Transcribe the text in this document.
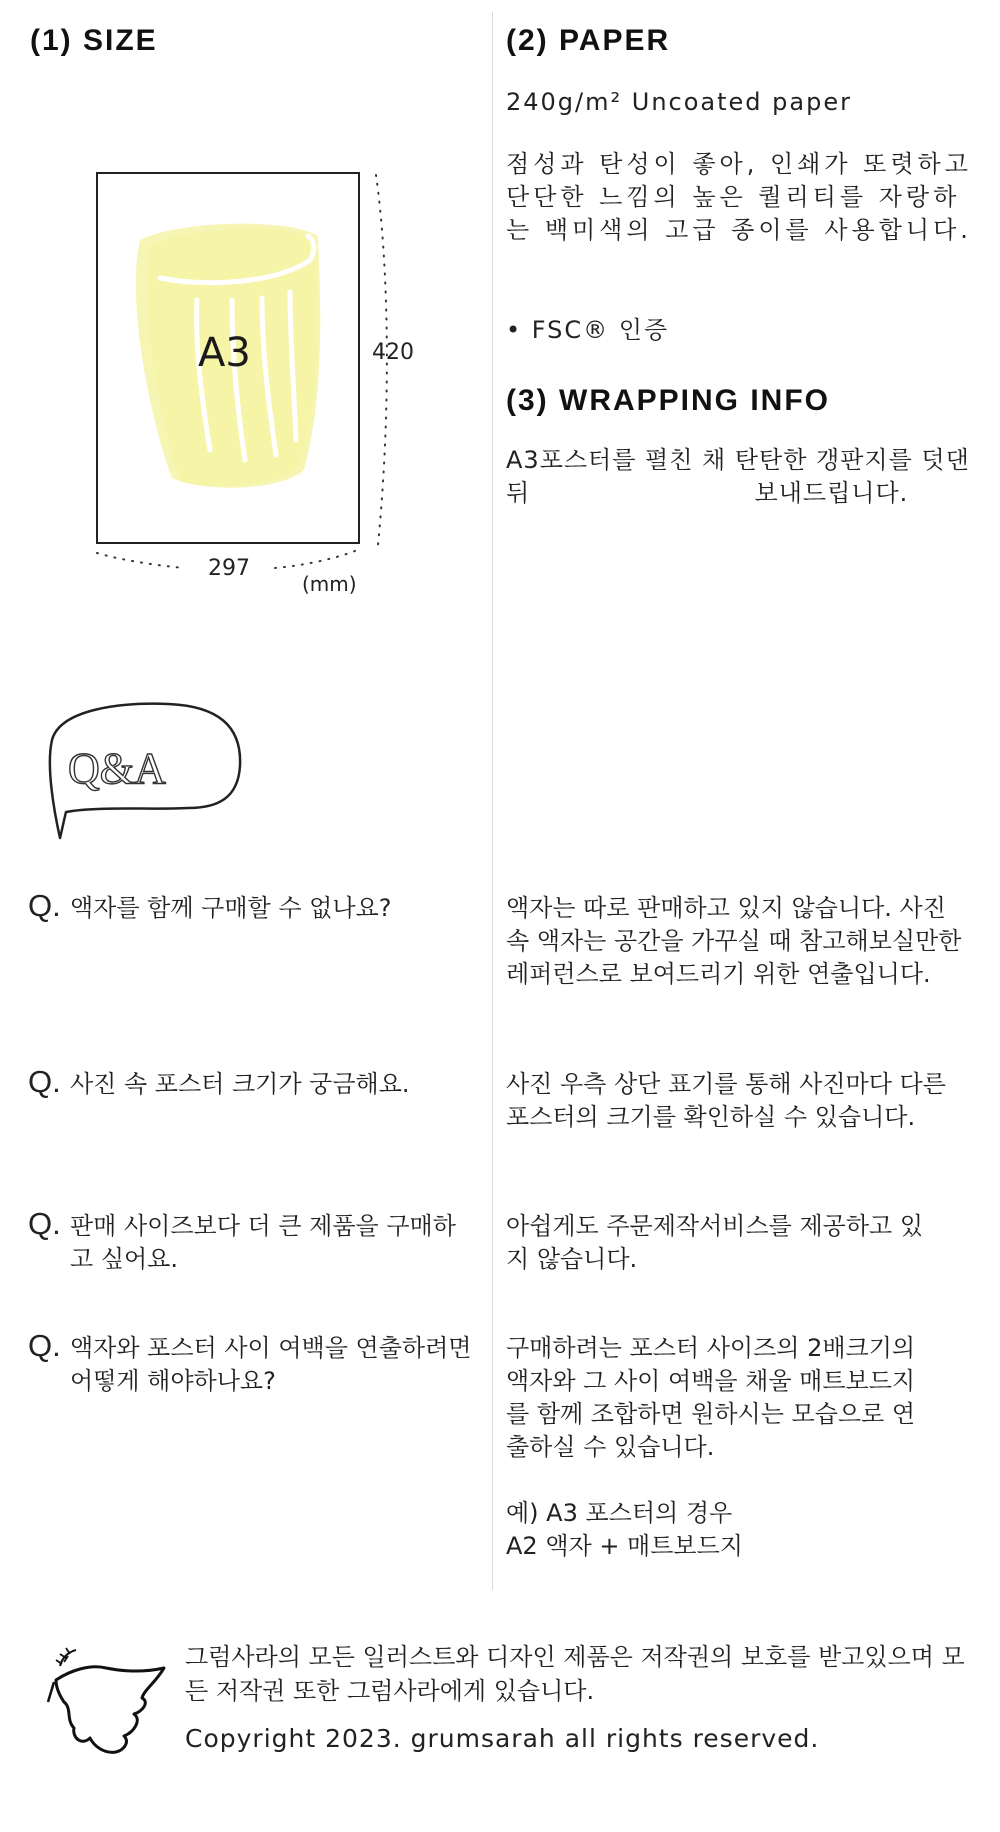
(1) SIZE
A3	420
297
(mm)
(2) PAPER
240g/m² Uncoated paper
점성과 탄성이 좋아, 인쇄가 또렷하고 단단한 느낌의 높은 퀄리티를 자랑하는 백미색의 고급 종이를 사용합니다.
• FSC® 인증
(3) WRAPPING INFO
A3포스터를 펼친 채 탄탄한 갱판지를 덧댄 뒤                          보내드립니다.
Q&A
Q. 액자를 함께 구매할 수 없나요?	액자는 따로 판매하고 있지 않습니다. 사진 속 액자는 공간을 가꾸실 때 참고해보실만한 레퍼런스로 보여드리기 위한 연출입니다.
Q. 사진 속 포스터 크기가 궁금해요.	사진 우측 상단 표기를 통해 사진마다 다른 포스터의 크기를 확인하실 수 있습니다.
Q. 판매 사이즈보다 더 큰 제품을 구매하고 싶어요.
아쉽게도 주문제작서비스를 제공하고 있지 않습니다.
Q. 액자와 포스터 사이 여백을 연출하려면 어떻게 해야하나요?
구매하려는 포스터 사이즈의 2배크기의 액자와 그 사이 여백을 채울 매트보드지를 함께 조합하면 원하시는 모습으로 연출하실 수 있습니다.
예) A3 포스터의 경우
A2 액자 + 매트보드지
그럼사라의 모든 일러스트와 디자인 제품은 저작권의 보호를 받고있으며 모든 저작권 또한 그럼사라에게 있습니다.
Copyright 2023. grumsarah all rights reserved.
